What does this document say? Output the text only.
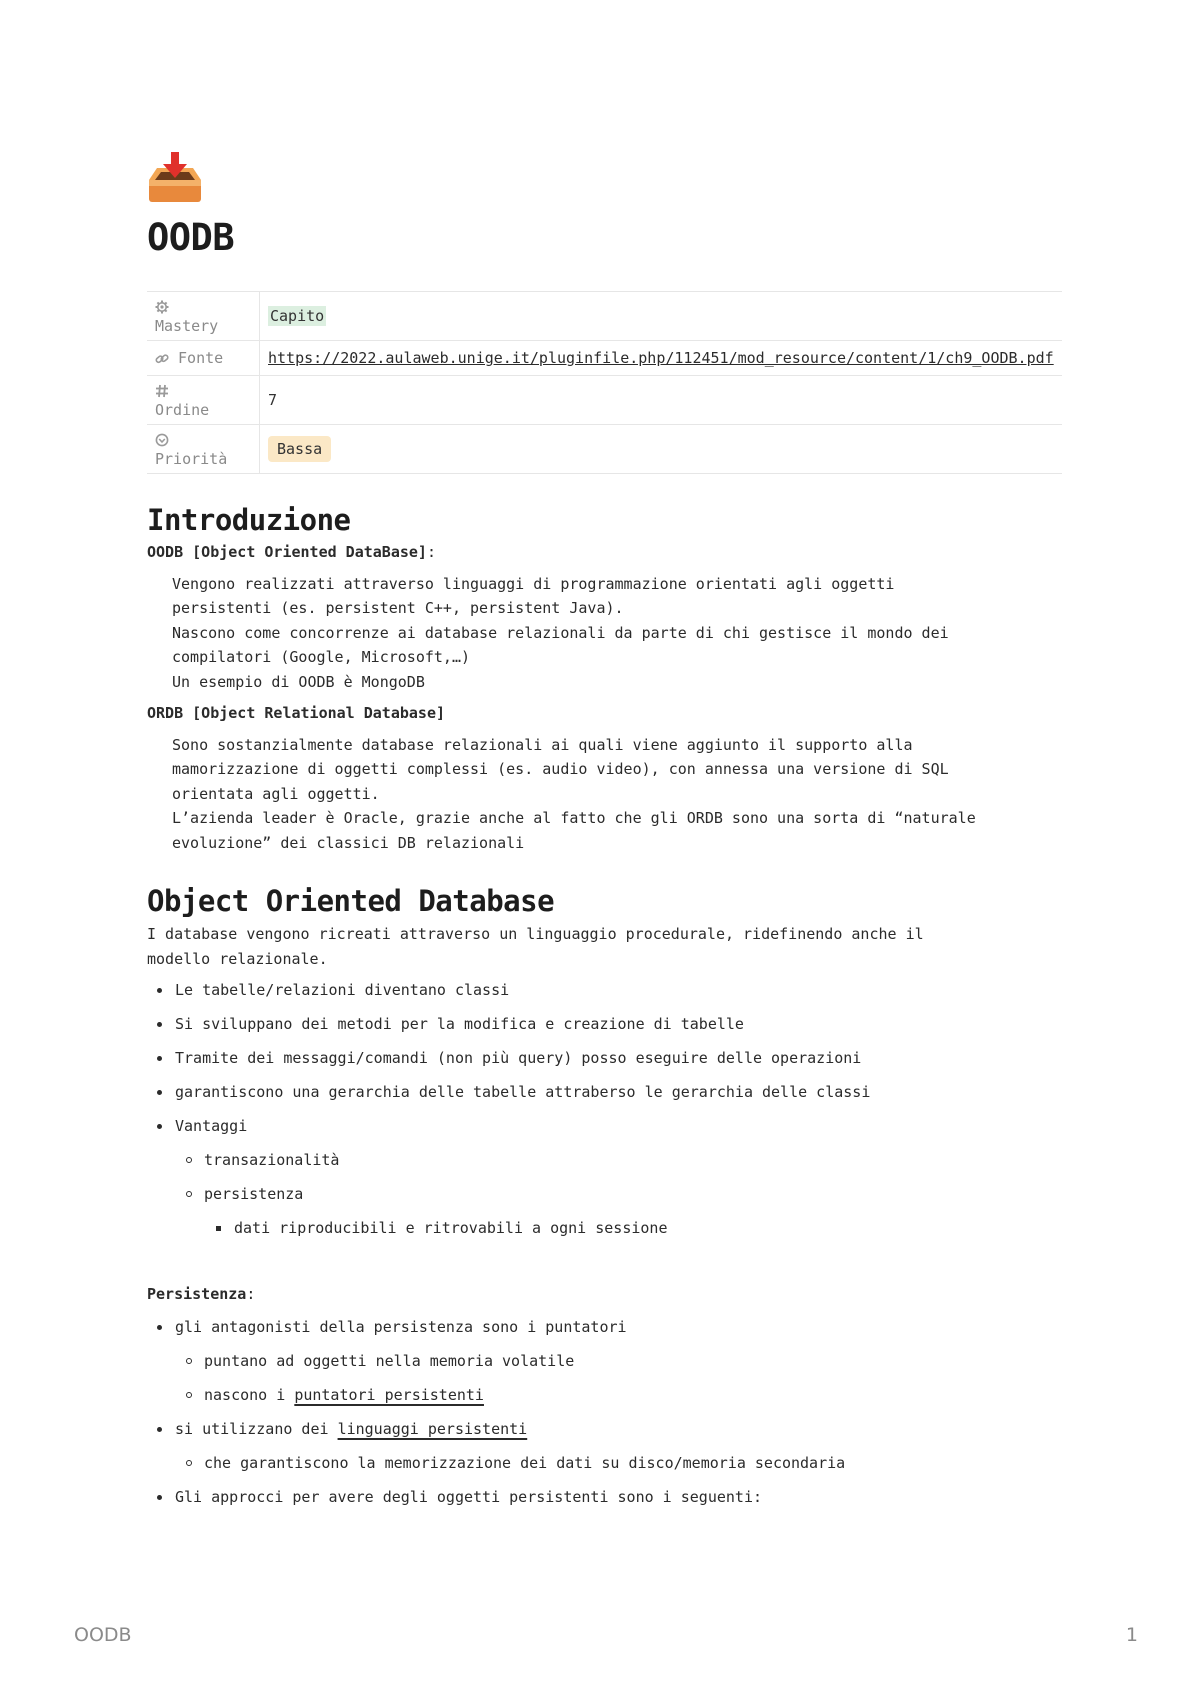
OODB

Mastery	Capito
Fonte	https://2022.aulaweb.unige.it/pluginfile.php/112451/mod_resource/content/1/ch9_OODB.pdf

Ordine	7

Priorità	Bassa
Introduzione

OODB [Object Oriented DataBase]:

Vengono realizzati attraverso linguaggi di programmazione orientati agli oggetti

persistenti (es. persistent C++, persistent Java).

Nascono come concorrenze ai database relazionali da parte di chi gestisce il mondo dei

compilatori (Google, Microsoft,…)

Un esempio di OODB è MongoDB

ORDB [Object Relational Database]

Sono sostanzialmente database relazionali ai quali viene aggiunto il supporto alla

mamorizzazione di oggetti complessi (es. audio video), con annessa una versione di SQL

orientata agli oggetti.

L’azienda leader è Oracle, grazie anche al fatto che gli ORDB sono una sorta di “naturale

evoluzione” dei classici DB relazionali

Object Oriented Database

I database vengono ricreati attraverso un linguaggio procedurale, ridefinendo anche il

modello relazionale.

Le tabelle/relazioni diventano classi
Si sviluppano dei metodi per la modifica e creazione di tabelle
Tramite dei messaggi/comandi (non più query) posso eseguire delle operazioni
garantiscono una gerarchia delle tabelle attraberso le gerarchia delle classi
Vantaggi
transazionalità
persistenza
dati riproducibili e ritrovabili a ogni sessione

Persistenza:

gli antagonisti della persistenza sono i puntatori
puntano ad oggetti nella memoria volatile
nascono i puntatori persistenti
si utilizzano dei linguaggi persistenti
che garantiscono la memorizzazione dei dati su disco/memoria secondaria
Gli approcci per avere degli oggetti persistenti sono i seguenti:
OODB	1
